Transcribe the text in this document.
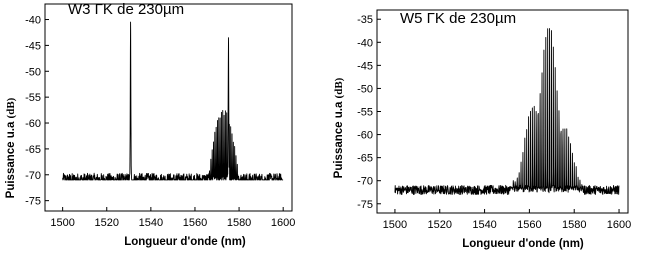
W3 ΓK de 230µm
Puissance u.a (dB)
Longueur d'onde (nm)
1500 1520 1540 1560 1580 1600
-40
-45
-50
-55
-60
-65
-70
-75
W5 ΓK de 230µm
Puissance u.a (dB)
Longueur d'onde (nm)
1500 1520 1540 1560 1580 1600
-35
-40
-45
-50
-55
-60
-65
-70
-75
